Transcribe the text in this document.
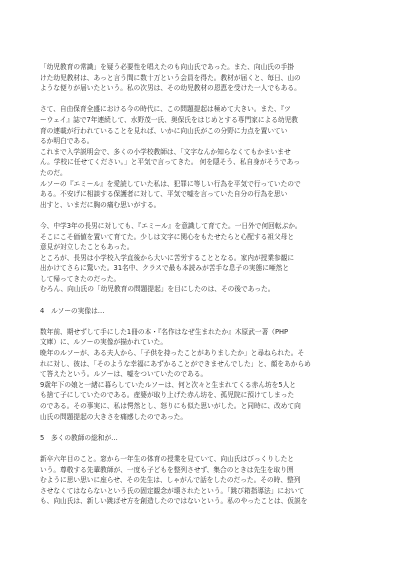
「幼児教育の常識」を疑う必要性を唱えたのも向山氏であった。また、向山氏の手掛
けた幼児教材は、あっと言う間に数十万という会員を得た。教材が届くと、毎日、山の
ような便りが届いたという。私の次男は、その幼児教材の恩恵を受けた一人でもある。

さて、自由保育全盛における今の時代に、この問題提起は極めて大きい。また、『ツ
ーウェイ』誌で7年連続して、水野茂一氏、奥保氏をはじめとする専門家による幼児教
育の連載が行われていることを見れば、いかに向山氏がこの分野に力点を置いてい
るか明白である。
これまで入学説明会で、多くの小学校教師は、「文字なんか知らなくてもかまいませ
ん。学校に任せてください。」と平気で言ってきた。 何を隠そう、私自身がそうであっ
たのだ。
ルソーの『エミール』を愛読していた私は、犯罪に等しい行為を平気で行っていたので
ある。不安げに相談する保護者に対して、平気で嘘を言っていた自分の行為を思い
出すと、いまだに胸の痛む思いがする。

今、中学3年の長男に対しても、『エミール』を意識して育てた。一日外で何回転ぶか。
そこにこそ価値を置いて育てた。少しは文字に関心をもたせたらと心配する祖父母と
意見が対立したこともあった。
ところが、長男は小学校入学直後から大いに苦労することとなる。家内が授業参観に
出かけてさらに驚いた。31名中、クラスで最も本読みが苦手な息子の実態に唖然と
して帰ってきたのだった。
むろん、向山氏の「幼児教育の問題提起」を目にしたのは、その後であった。

4　ルソーの実像は…

数年前、期せずして手にした1冊の本・『名作はなぜ生まれたか』木原武一著（PHP
文庫）に、ルソーの実像が描かれていた。
晩年のルソーが、ある夫人から、「子供を持ったことがありましたか」と尋ねられた。そ
れに対し、彼は、「そのような幸福にあずかることができませんでした」と、顔をあからめ
て答えたという。ルソーは、嘘をついていたのである。
9歳年下の娘と一緒に暮らしていたルソーは、何と次々と生まれてくる赤ん坊を5人と
も捨て子にしていたのである。産婆が取り上げた赤ん坊を、孤児院に預けてしまった
のである。その事実に、私は愕然とし、怒りにも似た思いがした。と同時に、改めて向
山氏の問題提起の大きさを痛感したのであった。

5　多くの教師の総和が…

新卒六年目のこと。窓から一年生の体育の授業を見ていて、向山氏はびっくりしたと
いう。尊敬する先輩教師が、一度も子どもを整列させず、集合のときは先生を取り囲
むように思い思いに座らせ、その先生は、しゃがんで話をしたのだった。その時、整列
させなくてはならないという氏の固定観念が壊されたという。「跳び箱指導法」において
も、向山氏は、新しい跳ばせ方を創造したのではないという。私のやったことは、仮説を
